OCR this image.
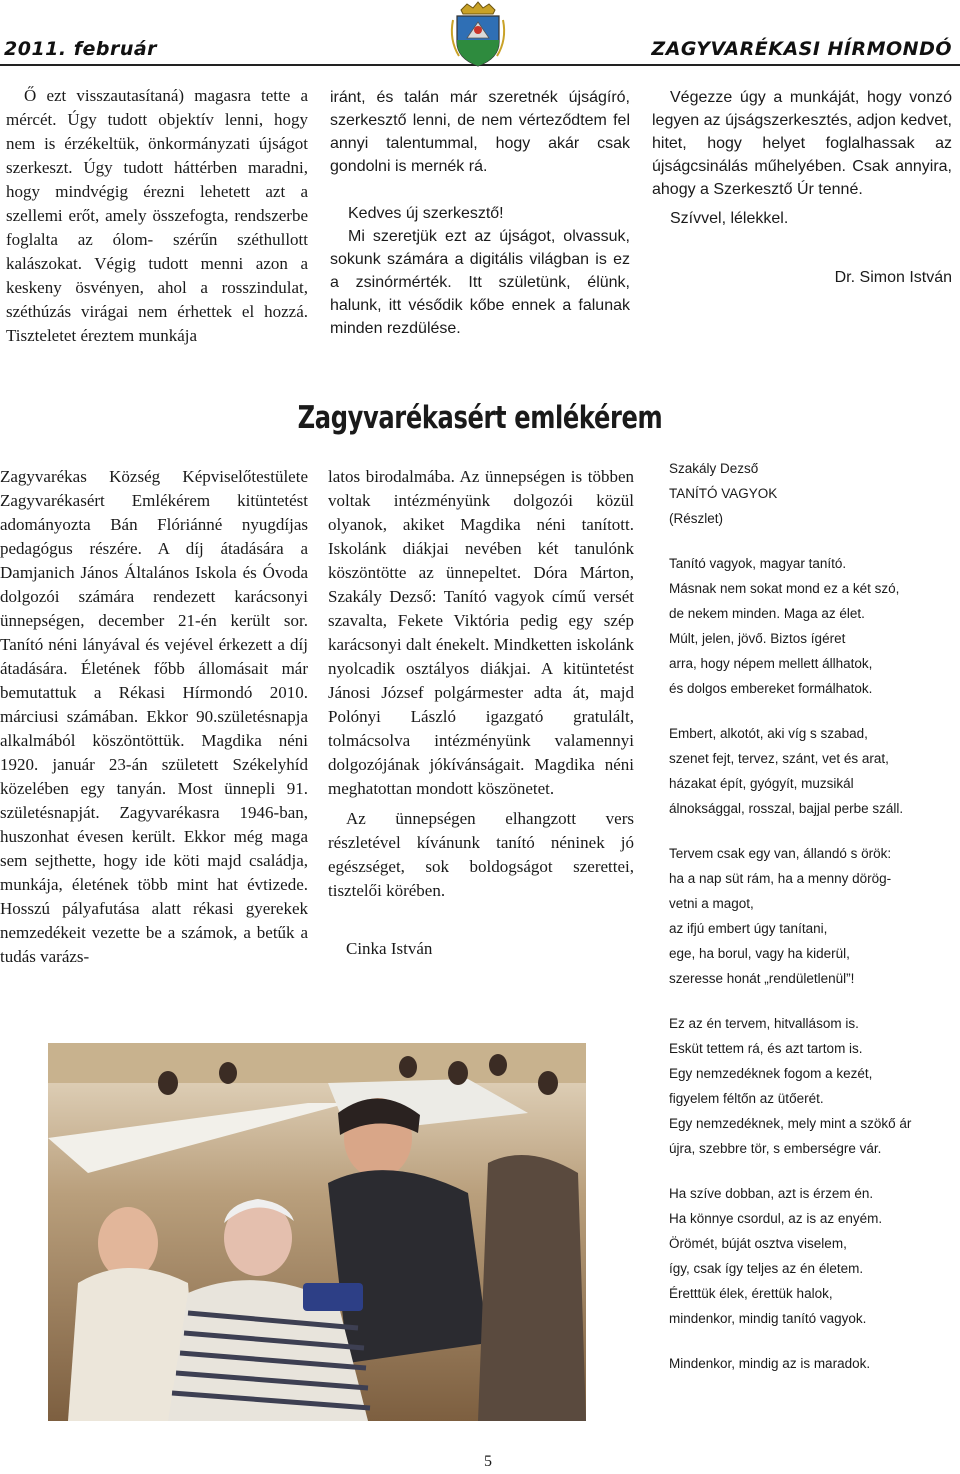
2011. február	ZAGYVARÉKASI HÍRMONDÓ

Ő ezt visszautasítaná) magasra tette a mércét. Úgy tudott objektív lenni, hogy nem is érzékeltük, önkormányzati újságot szerkeszt. Úgy tudott háttérben maradni, hogy mindvégig érezni lehetett azt a szellemi erőt, amely összefogta, rendszerbe foglalta az ólom- szérűn széthullott kalászokat. Végig tudott menni azon a keskeny ösvényen, ahol a rosszindulat, széthúzás virágai nem érhettek el hozzá. Tiszteletet éreztem munkája

iránt, és talán már szeretnék újságíró, szerkesztő lenni, de nem vérteződtem fel annyi talentummal, hogy akár csak gondolni is mernék rá.

Kedves új szerkesztő!

Mi szeretjük ezt az újságot, olvassuk, sokunk számára a digitális világban is ez a zsinórmérték. Itt születünk, élünk, halunk, itt vésődik kőbe ennek a falunak minden rezdülése.

Végezze úgy a munkáját, hogy vonzó legyen az újságszerkesztés, adjon kedvet, hitet, hogy helyet foglalhassak az újságcsinálás műhelyében. Csak annyira, ahogy a Szerkesztő Úr tenné.

Szívvel, lélekkel.

Dr. Simon István

Zagyvarékasért emlékérem

Zagyvarékas Község Képviselőtestülete Zagyvarékasért Emlékérem kitüntetést adományozta Bán Flóriánné nyugdíjas pedagógus részére. A díj átadására a Damjanich János Általános Iskola és Óvoda dolgozói számára rendezett karácsonyi ünnepségen, december 21-én került sor. Tanító néni lányával és vejével érkezett a díj átadására. Életének főbb állomásait már bemutattuk a Rékasi Hírmondó 2010. márciusi számában. Ekkor 90.születésnapja alkalmából köszöntöttük. Magdika néni 1920. január 23-án született Székelyhíd közelében egy tanyán. Most ünnepli 91. születésnapját. Zagyvarékasra 1946-ban, huszonhat évesen került. Ekkor még maga sem sejthette, hogy ide köti majd családja, munkája, életének több mint hat évtizede. Hosszú pályafutása alatt rékasi gyerekek nemzedékeit vezette be a számok, a betűk a tudás varázs-

latos birodalmába. Az ünnepségen is többen voltak intézményünk dolgozói közül olyanok, akiket Magdika néni tanított. Iskolánk diákjai nevében két tanulónk köszöntötte az ünnepeltet. Dóra Márton, Szakály Dezső: Tanító vagyok című versét szavalta, Fekete Viktória pedig egy szép karácsonyi dalt énekelt. Mindketten iskolánk nyolcadik osztályos diákjai. A kitüntetést Jánosi József polgármester adta át, majd Polónyi László igazgató gratulált, tolmácsolva intézményünk valamennyi dolgozójának jókívánságait. Magdika néni meghatottan mondott köszönetet.

Az ünnepségen elhangzott vers részletével kívánunk tanító néninek jó egészséget, sok boldogságot szerettei, tisztelői körében.

Cinka István

Szakály Dezső
TANÍTÓ VAGYOK
(Részlet)

Tanító vagyok, magyar tanító.
Másnak nem sokat mond ez a két szó,
de nekem minden. Maga az élet.
Múlt, jelen, jövő. Biztos ígéret
arra, hogy népem mellett állhatok,
és dolgos embereket formálhatok.

Embert, alkotót, aki víg s szabad,
szenet fejt, tervez, szánt, vet és arat,
házakat épít, gyógyít, muzsikál
álnoksággal, rosszal, bajjal perbe száll.

Tervem csak egy van, állandó s örök:
ha a nap süt rám, ha a menny dörög-
vetni a magot,
az ifjú embert úgy tanítani,
ege, ha borul, vagy ha kiderül,
szeresse honát „rendületlenül”!

Ez az én tervem, hitvallásom is.
Esküt tettem rá, és azt tartom is.
Egy nemzedéknek fogom a kezét,
figyelem féltőn az ütőerét.
Egy nemzedéknek, mely mint a szökő ár
újra, szebbre tör, s emberségre vár.

Ha szíve dobban, azt is érzem én.
Ha könnye csordul, az is az enyém.
Örömét, búját osztva viselem,
így, csak így teljes az én életem.
Éretttük élek, érettük halok,
mindenkor, mindig tanító vagyok.

Mindenkor, mindig az is maradok.

5
